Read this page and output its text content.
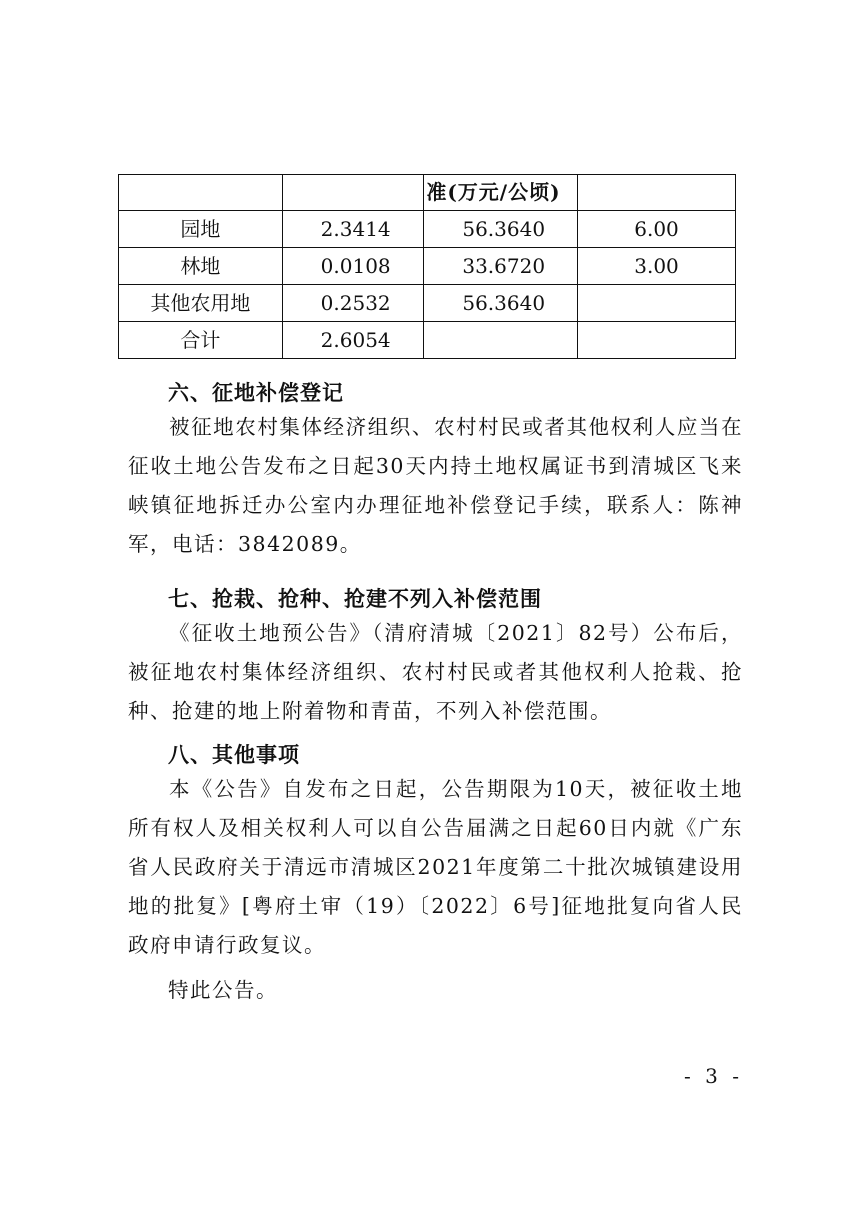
		准(万元/公顷)	
园地	2.3414	56.3640	6.00
林地	0.0108	33.6720	3.00
其他农用地	0.2532	56.3640	
合计	2.6054		
六、征地补偿登记

被征地农村集体经济组织、农村村民或者其他权利人应当在征收土地公告发布之日起30天内持土地权属证书到清城区飞来峡镇征地拆迁办公室内办理征地补偿登记手续，联系人：陈神军，电话：3842089。

七、抢栽、抢种、抢建不列入补偿范围

《征收土地预公告》（清府清城〔2021〕82号）公布后，被征地农村集体经济组织、农村村民或者其他权利人抢栽、抢种、抢建的地上附着物和青苗，不列入补偿范围。

八、其他事项

本《公告》自发布之日起，公告期限为10天，被征收土地所有权人及相关权利人可以自公告届满之日起60日内就《广东省人民政府关于清远市清城区2021年度第二十批次城镇建设用地的批复》[粤府土审（19）〔2022〕6号]征地批复向省人民政府申请行政复议。

特此公告。
- 3 -
